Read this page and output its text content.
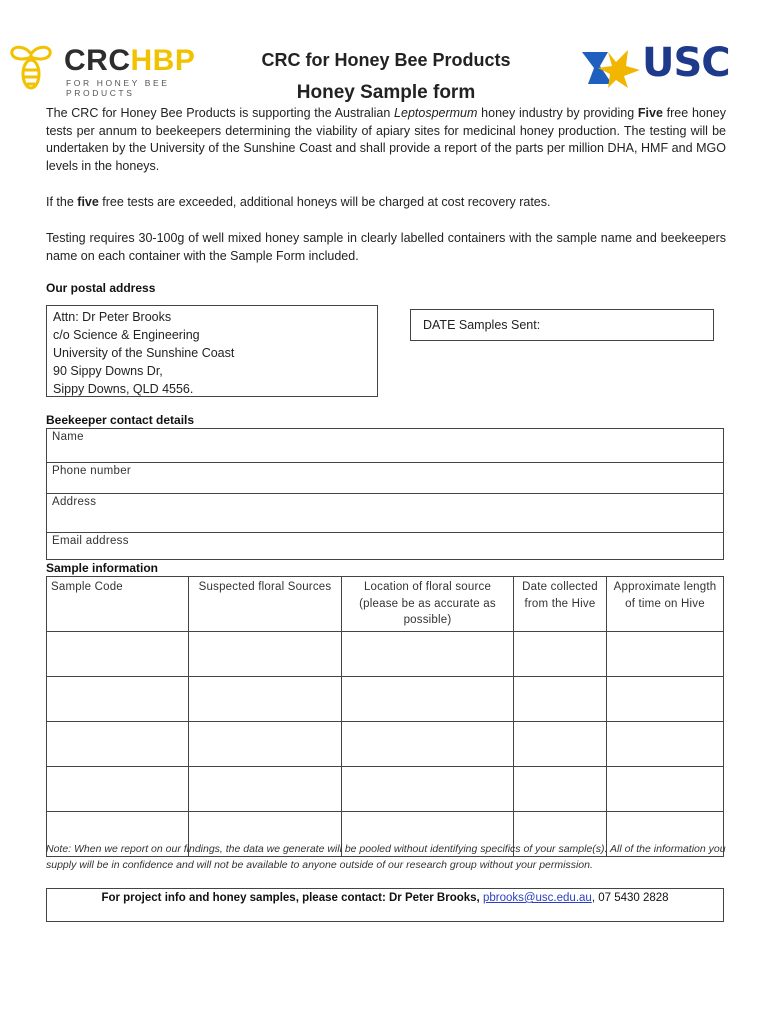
CRCHBP
FOR HONEY BEE PRODUCTS
CRC for Honey Bee Products
Honey Sample form
USC

The CRC for Honey Bee Products is supporting the Australian Leptospermum honey industry by providing Five free honey tests per annum to beekeepers determining the viability of apiary sites for medicinal honey production. The testing will be undertaken by the University of the Sunshine Coast and shall provide a report of the parts per million DHA, HMF and MGO levels in the honeys.

If the five free tests are exceeded, additional honeys will be charged at cost recovery rates.

Testing requires 30-100g of well mixed honey sample in clearly labelled containers with the sample name and beekeepers name on each container with the Sample Form included.

Our postal address
Attn: Dr Peter Brooks
c/o Science & Engineering
University of the Sunshine Coast
90 Sippy Downs Dr,
Sippy Downs, QLD 4556.
DATE Samples Sent:
Beekeeper contact details
Name
Phone number
Address
Email address
Sample information
Sample Code	Suspected floral Sources	Location of floral source (please be as accurate as possible)	Date collected from the Hive	Approximate length of time on Hive

Note: When we report on our findings, the data we generate will be pooled without identifying specifics of your sample(s). All of the information you supply will be in confidence and will not be available to anyone outside of our research group without your permission.
For project info and honey samples, please contact: Dr Peter Brooks, pbrooks@usc.edu.au, 07 5430 2828
